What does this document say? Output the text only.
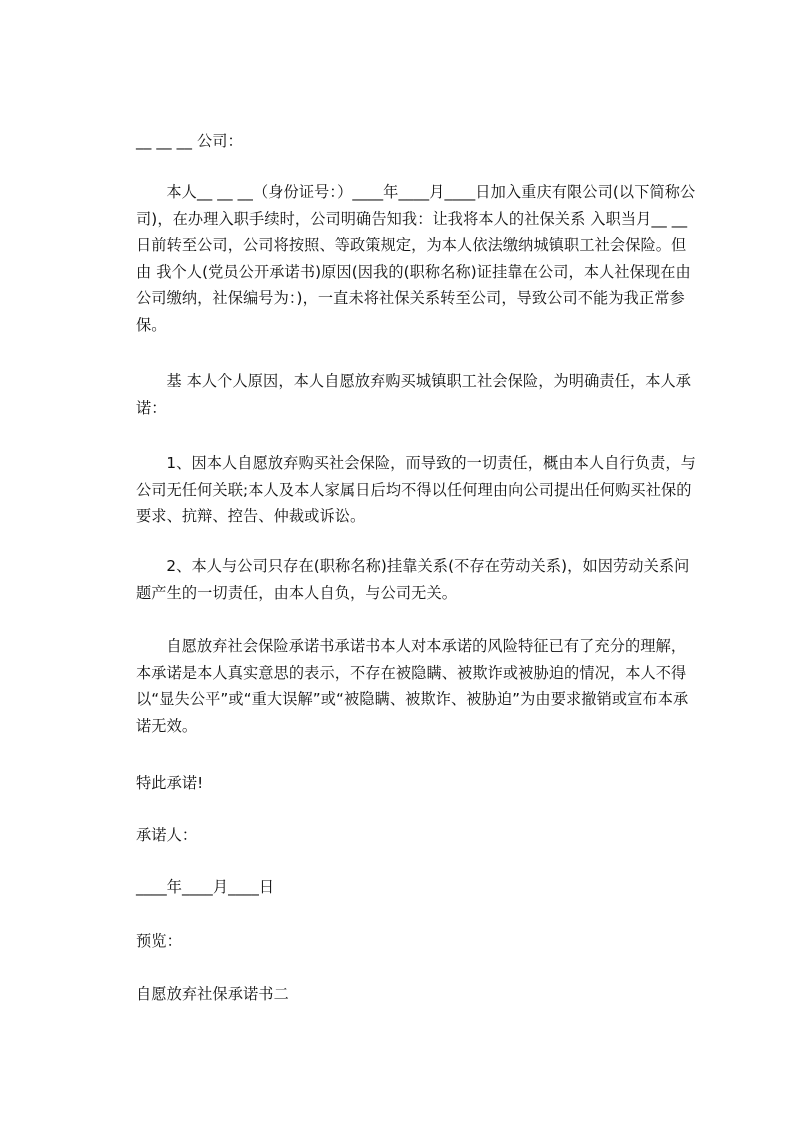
__ __ __ 公司：

本人__ __ __（身份证号：）____年____月____日加入重庆有限公司(以下简称公司)，在办理入职手续时，公司明确告知我：让我将本人的社保关系 入职当月__ __ 日前转至公司，公司将按照、等政策规定，为本人依法缴纳城镇职工社会保险。但由 我个人(党员公开承诺书)原因(因我的(职称名称)证挂靠在公司，本人社保现在由公司缴纳，社保编号为：)，一直未将社保关系转至公司，导致公司不能为我正常参保。

基 本人个人原因，本人自愿放弃购买城镇职工社会保险，为明确责任，本人承诺：

1、因本人自愿放弃购买社会保险，而导致的一切责任，概由本人自行负责，与公司无任何关联;本人及本人家属日后均不得以任何理由向公司提出任何购买社保的要求、抗辩、控告、仲裁或诉讼。

2、本人与公司只存在(职称名称)挂靠关系(不存在劳动关系)，如因劳动关系问题产生的一切责任，由本人自负，与公司无关。

自愿放弃社会保险承诺书承诺书本人对本承诺的风险特征已有了充分的理解，本承诺是本人真实意思的表示，不存在被隐瞒、被欺诈或被胁迫的情况，本人不得以“显失公平”或“重大误解”或“被隐瞒、被欺诈、被胁迫”为由要求撤销或宣布本承诺无效。

特此承诺!

承诺人：

____年____月____日

预览：

自愿放弃社保承诺书二
